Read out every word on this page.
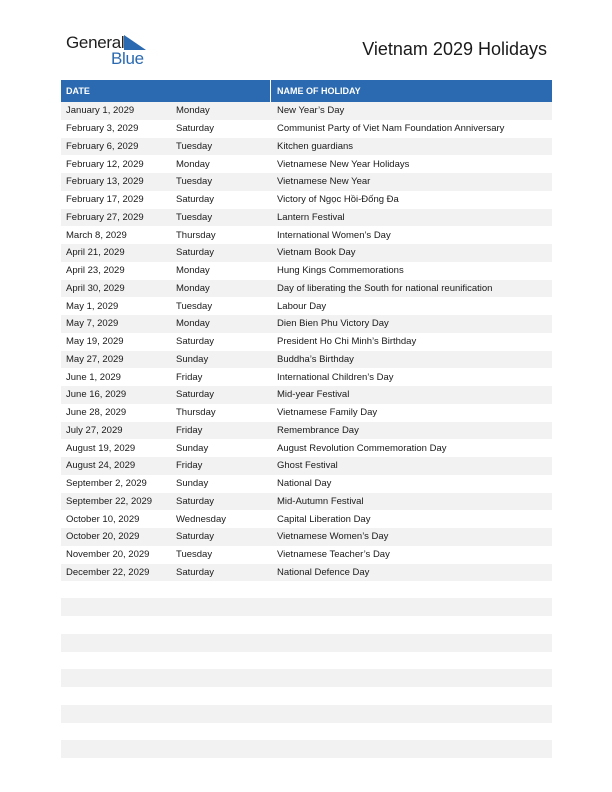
General
Blue	Vietnam 2029 Holidays
DATE	NAME OF HOLIDAY
January 1, 2029	Monday	New Year’s Day
February 3, 2029	Saturday	Communist Party of Viet Nam Foundation Anniversary
February 6, 2029	Tuesday	Kitchen guardians
February 12, 2029	Monday	Vietnamese New Year Holidays
February 13, 2029	Tuesday	Vietnamese New Year
February 17, 2029	Saturday	Victory of Ngọc Hồi-Đống Đa
February 27, 2029	Tuesday	Lantern Festival
March 8, 2029	Thursday	International Women’s Day
April 21, 2029	Saturday	Vietnam Book Day
April 23, 2029	Monday	Hung Kings Commemorations
April 30, 2029	Monday	Day of liberating the South for national reunification
May 1, 2029	Tuesday	Labour Day
May 7, 2029	Monday	Dien Bien Phu Victory Day
May 19, 2029	Saturday	President Ho Chi Minh’s Birthday
May 27, 2029	Sunday	Buddha’s Birthday
June 1, 2029	Friday	International Children’s Day
June 16, 2029	Saturday	Mid-year Festival
June 28, 2029	Thursday	Vietnamese Family Day
July 27, 2029	Friday	Remembrance Day
August 19, 2029	Sunday	August Revolution Commemoration Day
August 24, 2029	Friday	Ghost Festival
September 2, 2029	Sunday	National Day
September 22, 2029	Saturday	Mid-Autumn Festival
October 10, 2029	Wednesday	Capital Liberation Day
October 20, 2029	Saturday	Vietnamese Women’s Day
November 20, 2029	Tuesday	Vietnamese Teacher’s Day
December 22, 2029	Saturday	National Defence Day
